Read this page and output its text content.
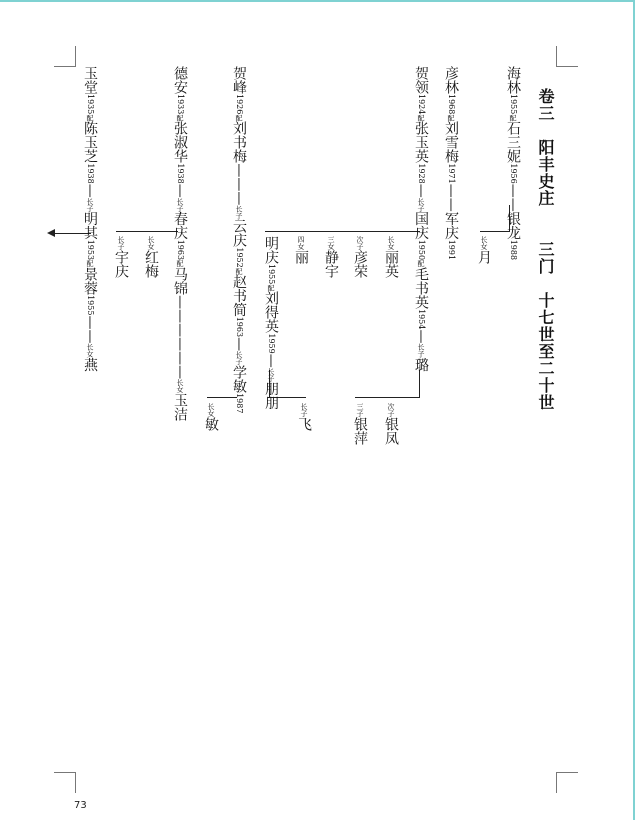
卷三　阳丰史庄　　三门　十七世至二十世
海林1955配石三妮1956——银龙1988
长女月
彦林1968配刘雪梅1971——军庆1991
贺领1924配张玉英1928—长子国庆1950配毛书英1954—长子璐
长女丽英
次子银凤
次子彦荣
三子银萍
三女静宇
四女丽
明庆1955配刘得英1959—长子朋朋
长子飞
贺峰1926配刘书梅———长子云庆1952配赵书简1963—长子学敏1987
长女敏
德安1933配张淑华1938—长子春庆1963配马锦——————长女玉洁
长女红梅
长子宇庆
玉堂1935配陈玉芝1938—长子明其1953配景蓉1955——长女燕
73
